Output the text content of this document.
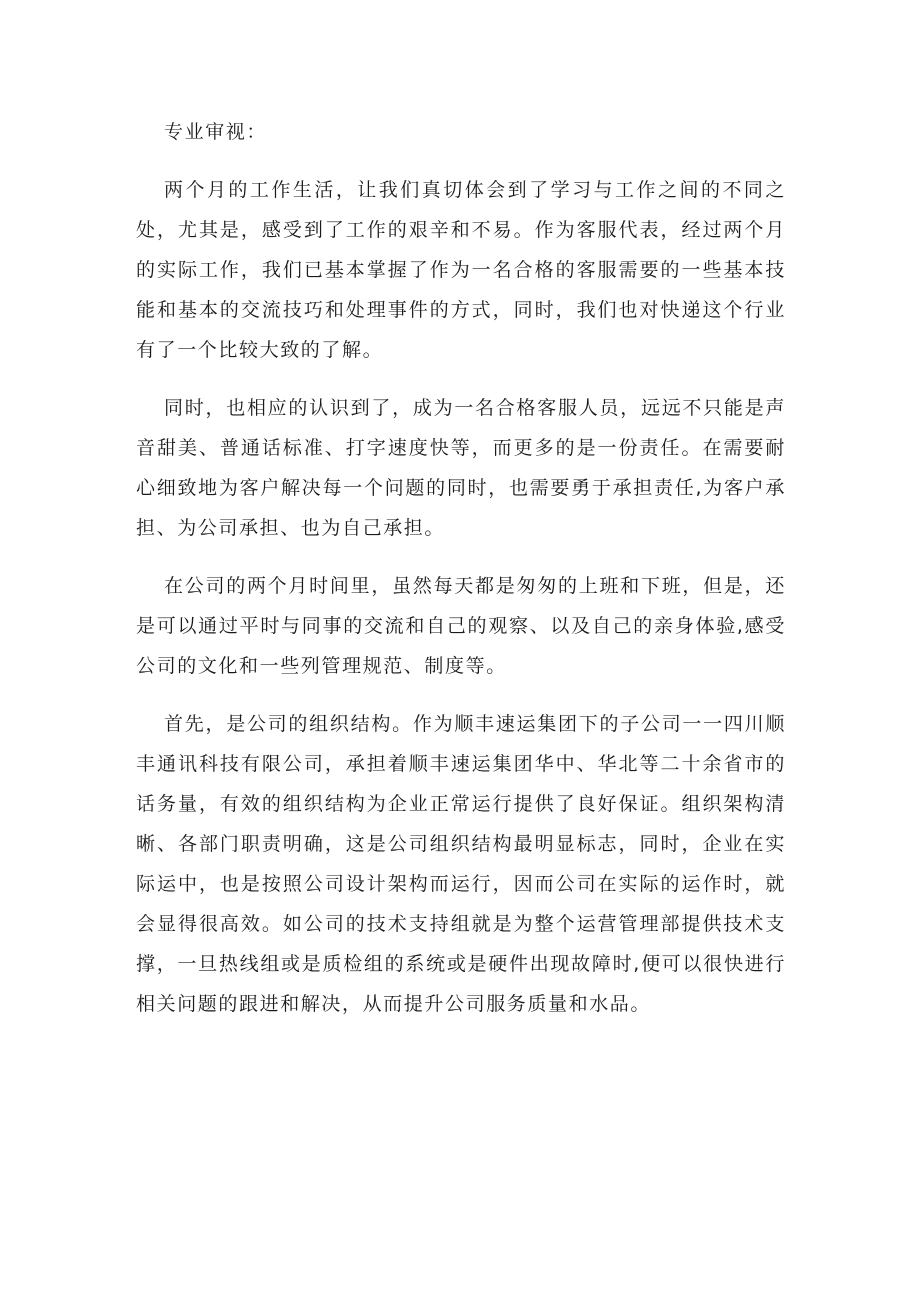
专业审视：

两个月的工作生活，让我们真切体会到了学习与工作之间的不同之处，尤其是，感受到了工作的艰辛和不易。作为客服代表，经过两个月的实际工作，我们已基本掌握了作为一名合格的客服需要的一些基本技能和基本的交流技巧和处理事件的方式，同时，我们也对快递这个行业有了一个比较大致的了解。

同时，也相应的认识到了，成为一名合格客服人员，远远不只能是声音甜美、普通话标准、打字速度快等，而更多的是一份责任。在需要耐心细致地为客户解决每一个问题的同时，也需要勇于承担责任,为客户承担、为公司承担、也为自己承担。

在公司的两个月时间里，虽然每天都是匆匆的上班和下班，但是，还是可以通过平时与同事的交流和自己的观察、以及自己的亲身体验,感受公司的文化和一些列管理规范、制度等。

首先，是公司的组织结构。作为顺丰速运集团下的子公司一一四川顺丰通讯科技有限公司，承担着顺丰速运集团华中、华北等二十余省市的话务量，有效的组织结构为企业正常运行提供了良好保证。组织架构清晰、各部门职责明确，这是公司组织结构最明显标志，同时，企业在实际运中，也是按照公司设计架构而运行，因而公司在实际的运作时，就会显得很高效。如公司的技术支持组就是为整个运营管理部提供技术支撑，一旦热线组或是质检组的系统或是硬件出现故障时,便可以很快进行相关问题的跟进和解决，从而提升公司服务质量和水品。
